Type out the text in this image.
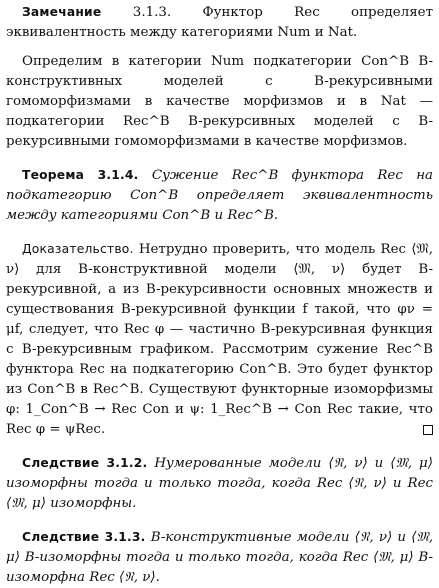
Замечание 3.1.3. Функтор Rec определяет эквивалентность между категориями Num и Nat.

Определим в категории Num подкатегории Con^B B-конструктивных моделей с B-рекурсивными гомоморфизмами в качестве морфизмов и в Nat — подкатегории Rec^B B-рекурсивных моделей с B-рекурсивными гомоморфизмами в качестве морфизмов.

Теорема 3.1.4. Сужение Rec^B функтора Rec на подкатегорию Con^B определяет эквивалентность между категориями Con^B и Rec^B.

Доказательство. Нетрудно проверить, что модель Rec ⟨𝔐, ν⟩ для B-конструктивной модели ⟨𝔐, ν⟩ будет B-рекурсивной, а из B-рекурсивности основных множеств и существования B-рекурсивной функции f такой, что φν = μf, следует, что Rec φ — частично B-рекурсивная функция с B-рекурсивным графиком. Рассмотрим сужение Rec^B функтора Rec на подкатегорию Con^B. Это будет функтор из Con^B в Rec^B. Существуют функторные изоморфизмы φ: 1_Con^B → Rec Con и ψ: 1_Rec^B → Con Rec такие, что Rec φ = ψRec.

Следствие 3.1.2. Нумерованные модели ⟨𝔑, ν⟩ и ⟨𝔐, μ⟩ изоморфны тогда и только тогда, когда Rec ⟨𝔑, ν⟩ и Rec ⟨𝔐, μ⟩ изоморфны.

Следствие 3.1.3. B-конструктивные модели ⟨𝔑, ν⟩ и ⟨𝔐, μ⟩ B-изоморфны тогда и только тогда, когда Rec ⟨𝔐, μ⟩ B-изоморфна Rec ⟨𝔑, ν⟩.
